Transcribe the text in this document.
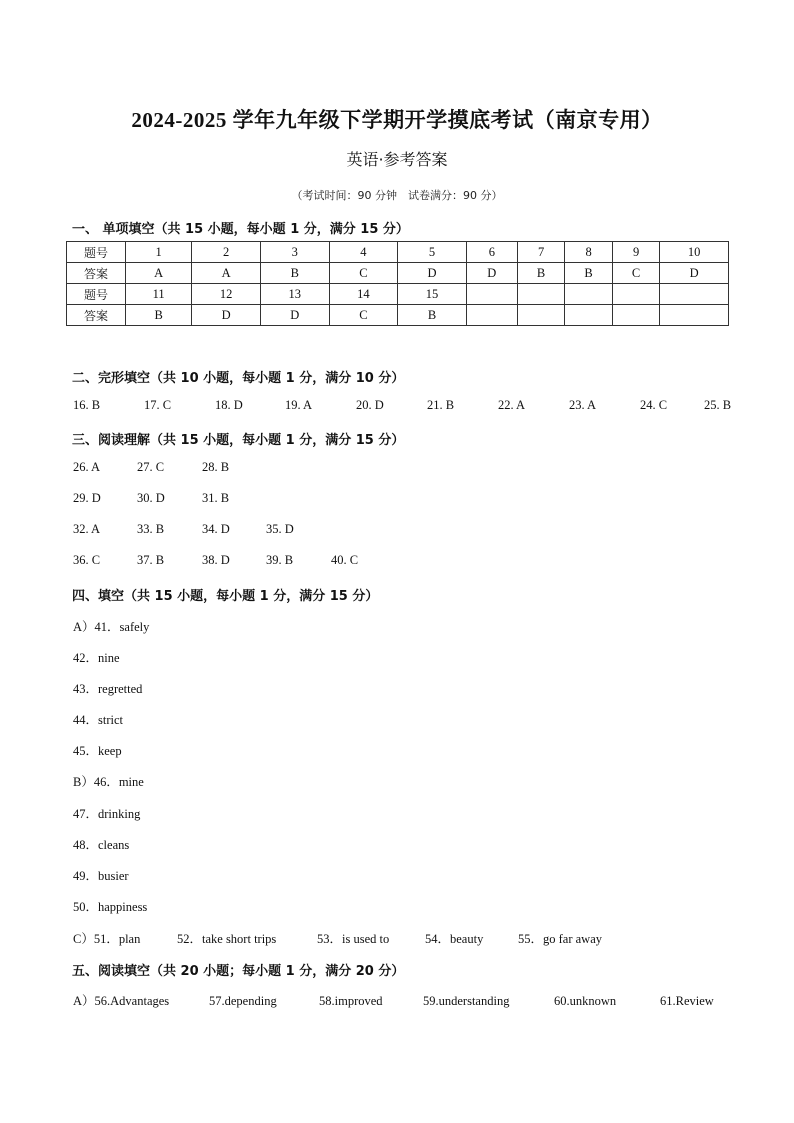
2024-2025 学年九年级下学期开学摸底考试（南京专用）
英语·参考答案
（考试时间：90 分钟　试卷满分：90 分）
一、 单项填空（共 15 小题，每小题 1 分，满分 15 分）
题号	1	2	3	4	5	6	7	8	9	10
答案	A	A	B	C	D	D	B	B	C	D
题号	11	12	13	14	15					
答案	B	D	D	C	B					
二、完形填空（共 10 小题，每小题 1 分，满分 10 分）
16. B	17. C	18. D	19. A	20. D	21. B	22. A	23. A	24. C	25. B
三、阅读理解（共 15 小题，每小题 1 分，满分 15 分）
26. A	27. C	28. B
29. D	30. D	31. B
32. A	33. B	34. D	35. D
36. C	37. B	38. D	39. B	40. C
四、填空（共 15 小题，每小题 1 分，满分 15 分）
A）41．safely
42．nine
43．regretted
44．strict
45．keep
B）46．mine
47．drinking
48．cleans
49．busier
50．happiness
C）51．plan	52．take short trips	53．is used to	54．beauty	55．go far away
五、阅读填空（共 20 小题；每小题 1 分，满分 20 分）
A）56.Advantages	57.depending	58.improved	59.understanding	60.unknown	61.Review
